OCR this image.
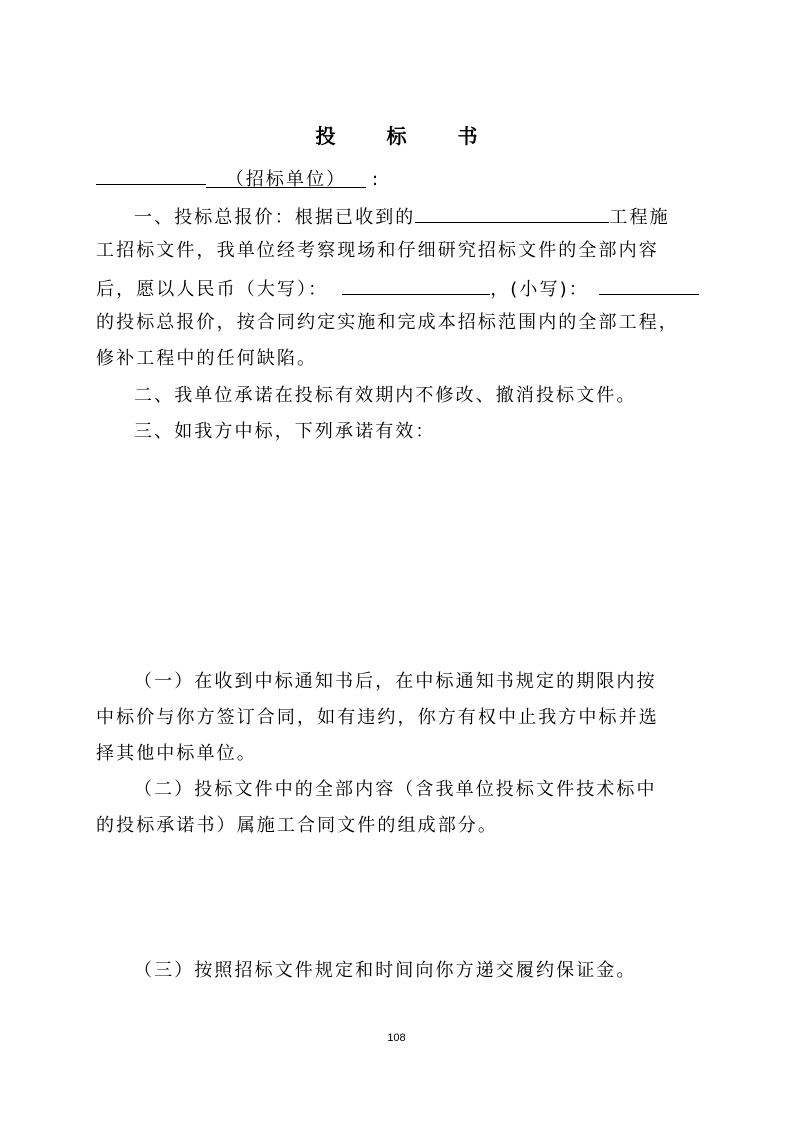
投 标 书
（招标单位） :
一、投标总报价：根据已收到的	工程施
工招标文件，我单位经考察现场和仔细研究招标文件的全部内容
后，愿以人民币（大写）：	，(小写)：
的投标总报价，按合同约定实施和完成本招标范围内的全部工程，
修补工程中的任何缺陷。
二、我单位承诺在投标有效期内不修改、撤消投标文件。
三、如我方中标，下列承诺有效：
（一）在收到中标通知书后，在中标通知书规定的期限内按
中标价与你方签订合同，如有违约，你方有权中止我方中标并选
择其他中标单位。
（二）投标文件中的全部内容（含我单位投标文件技术标中
的投标承诺书）属施工合同文件的组成部分。
（三）按照招标文件规定和时间向你方递交履约保证金。
108
